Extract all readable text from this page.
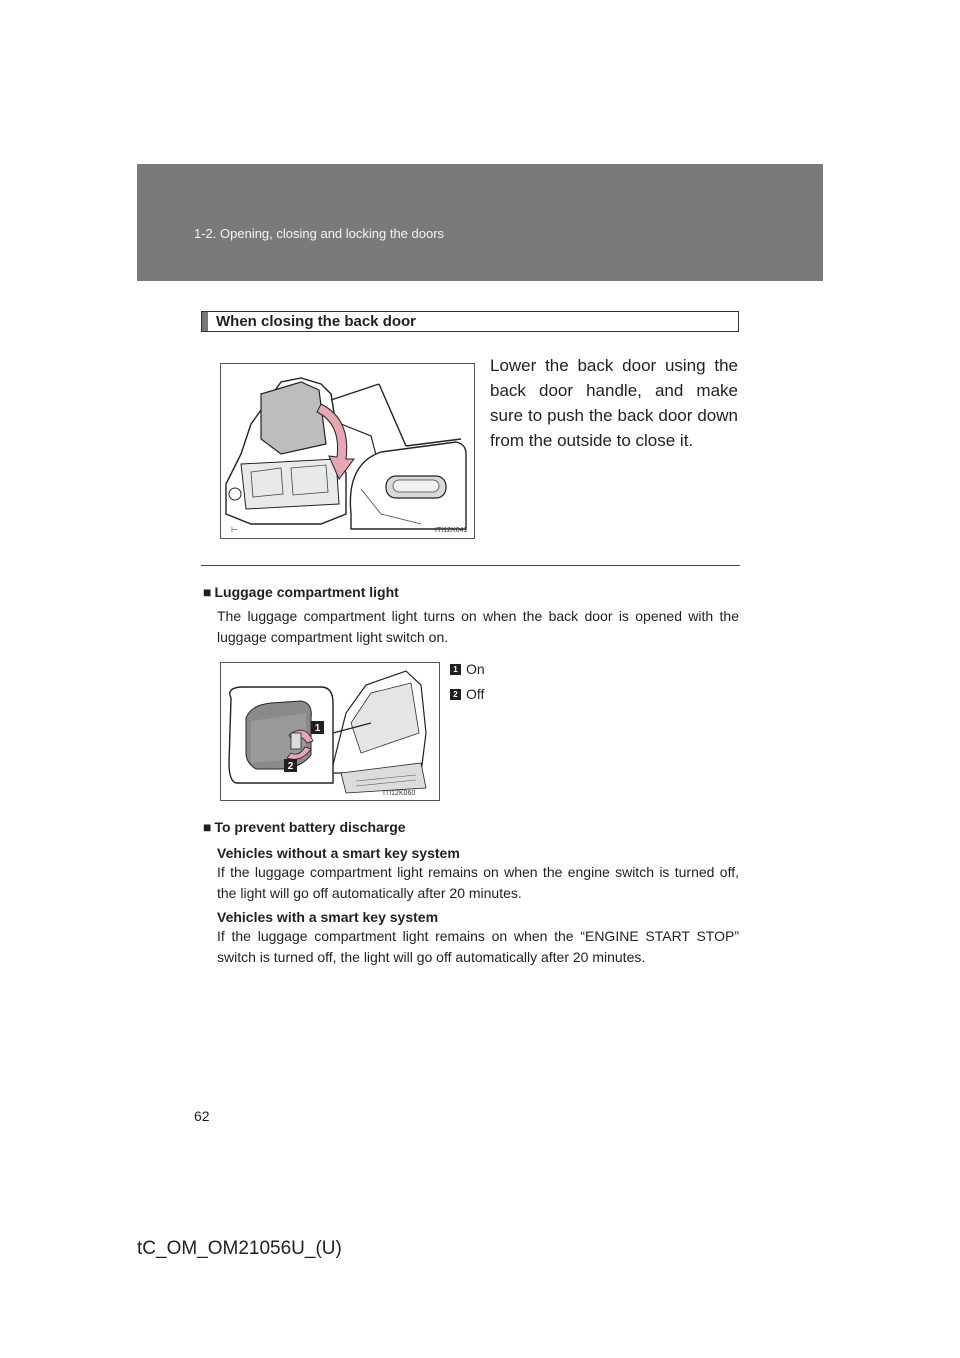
1-2. Opening, closing and locking the doors
When closing the back door
⊢	ITI12K041
Lower the back door using the back door handle, and make sure to push the back door down from the outside to close it.
■ Luggage compartment light
The luggage compartment light turns on when the back door is opened with the luggage compartment light switch on.
1
2
ITI12K060
1 On
2 Off
■ To prevent battery discharge
Vehicles without a smart key system
If the luggage compartment light remains on when the engine switch is turned off, the light will go off automatically after 20 minutes.
Vehicles with a smart key system
If the luggage compartment light remains on when the “ENGINE START STOP” switch is turned off, the light will go off automatically after 20 minutes.
62
tC_OM_OM21056U_(U)
